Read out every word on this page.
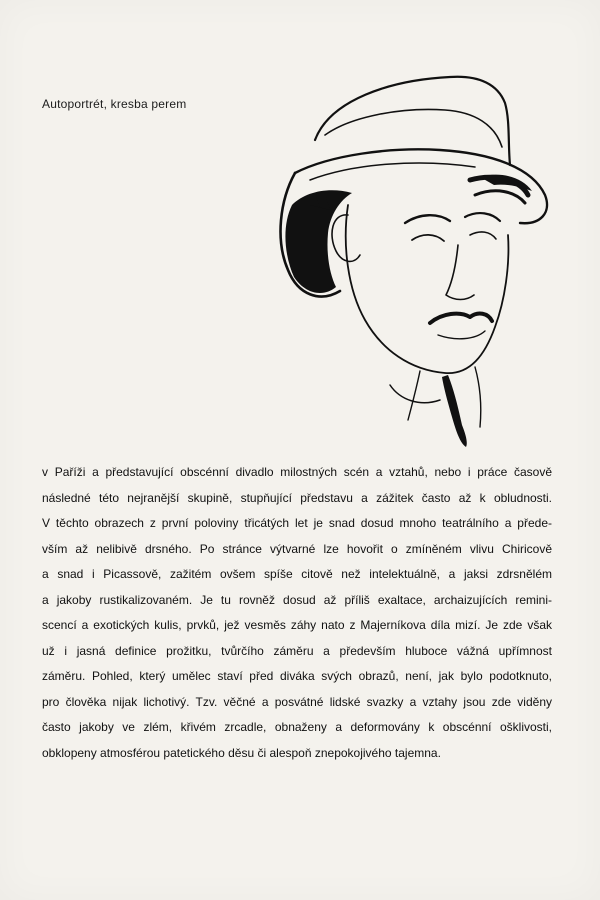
Autoportrét, kresba perem
v Paříži a představující obscénní divadlo milostných scén a vztahů, nebo i práce časově
následné této nejranější skupině, stupňující představu a zážitek často až k obludnosti.
V těchto obrazech z první poloviny třicátých let je snad dosud mnoho teatrálního a přede-
vším až nelibivě drsného. Po stránce výtvarné lze hovořit o zmíněném vlivu Chiricově
a snad i Picassově, zažitém ovšem spíše citově než intelektuálně, a jaksi zdrsnělém
a jakoby rustikalizovaném. Je tu rovněž dosud až příliš exaltace, archaizujících remini-
scencí a exotických kulis, prvků, jež vesměs záhy nato z Majerníkova díla mizí. Je zde však
už i jasná definice prožitku, tvůrčího záměru a především hluboce vážná upřímnost
záměru. Pohled, který umělec staví před diváka svých obrazů, není, jak bylo podotknuto,
pro člověka nijak lichotivý. Tzv. věčné a posvátné lidské svazky a vztahy jsou zde viděny
často jakoby ve zlém, křivém zrcadle, obnaženy a deformovány k obscénní ošklivosti,
obklopeny atmosférou patetického děsu či alespoň znepokojivého tajemna.
